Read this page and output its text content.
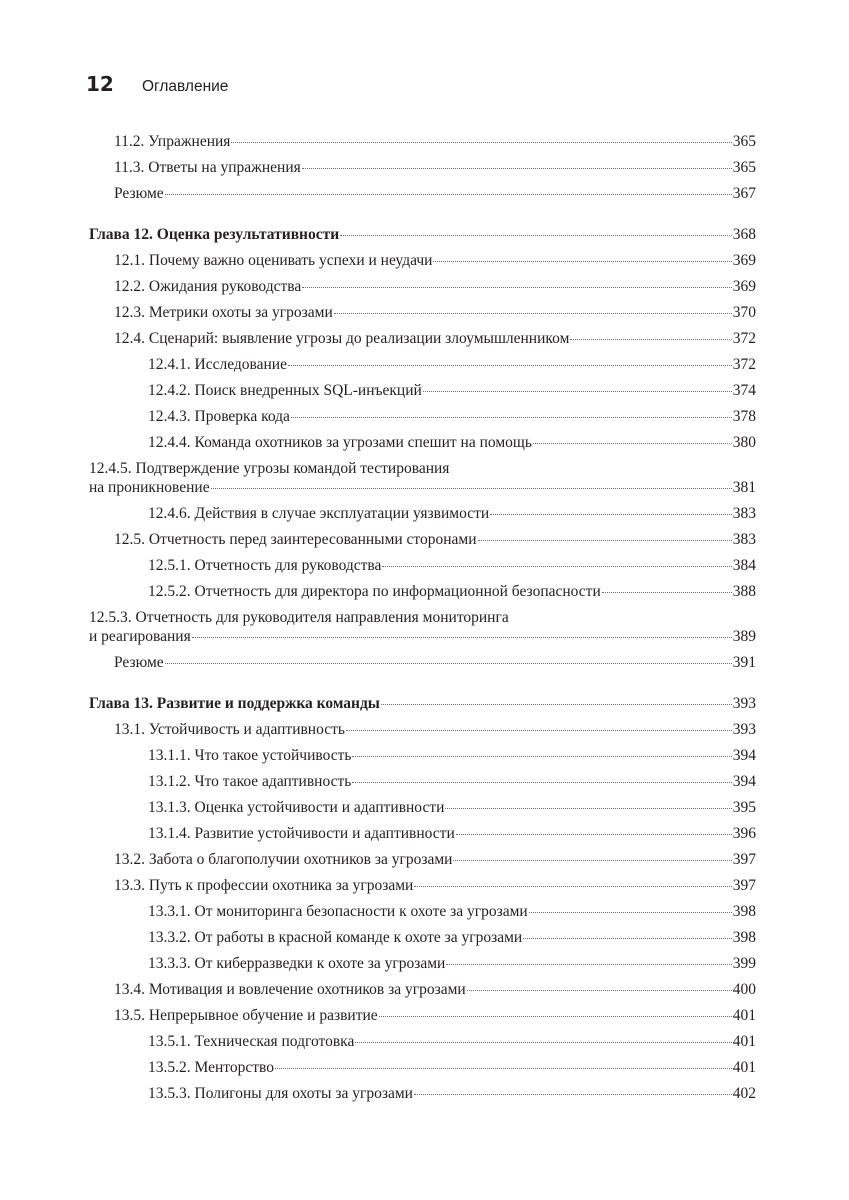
12	Оглавление
11.2. Упражнения	365
11.3. Ответы на упражнения	365
Резюме	367
Глава 12. Оценка результативности	368
12.1. Почему важно оценивать успехи и неудачи	369
12.2. Ожидания руководства	369
12.3. Метрики охоты за угрозами	370
12.4. Сценарий: выявление угрозы до реализации злоумышленником	372
12.4.1. Исследование	372
12.4.2. Поиск внедренных SQL-инъекций	374
12.4.3. Проверка кода	378
12.4.4. Команда охотников за угрозами спешит на помощь	380
12.4.5. Подтверждение угрозы командой тестирования
на проникновение	381
12.4.6. Действия в случае эксплуатации уязвимости	383
12.5. Отчетность перед заинтересованными сторонами	383
12.5.1. Отчетность для руководства	384
12.5.2. Отчетность для директора по информационной безопасности	388
12.5.3. Отчетность для руководителя направления мониторинга
и реагирования	389
Резюме	391
Глава 13. Развитие и поддержка команды	393
13.1. Устойчивость и адаптивность	393
13.1.1. Что такое устойчивость	394
13.1.2. Что такое адаптивность	394
13.1.3. Оценка устойчивости и адаптивности	395
13.1.4. Развитие устойчивости и адаптивности	396
13.2. Забота о благополучии охотников за угрозами	397
13.3. Путь к профессии охотника за угрозами	397
13.3.1. От мониторинга безопасности к охоте за угрозами	398
13.3.2. От работы в красной команде к охоте за угрозами	398
13.3.3. От киберразведки к охоте за угрозами	399
13.4. Мотивация и вовлечение охотников за угрозами	400
13.5. Непрерывное обучение и развитие	401
13.5.1. Техническая подготовка	401
13.5.2. Менторство	401
13.5.3. Полигоны для охоты за угрозами	402
